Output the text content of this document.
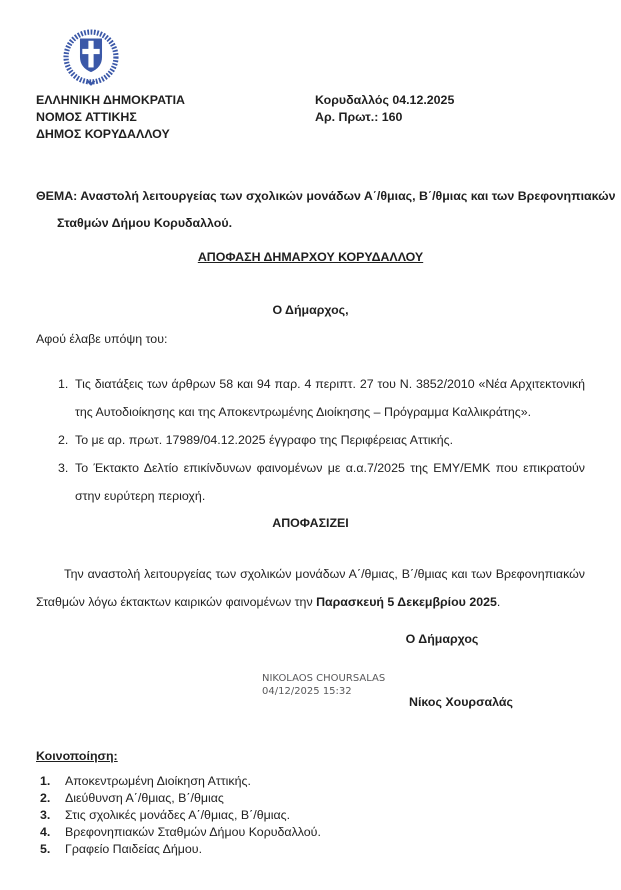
ΕΛΛΗΝΙΚΗ ΔΗΜΟΚΡΑΤΙΑ
ΝΟΜΟΣ ΑΤΤΙΚΗΣ
ΔΗΜΟΣ ΚΟΡΥΔΑΛΛΟΥ
Κορυδαλλός 04.12.2025
Αρ. Πρωτ.: 160
ΘΕΜΑ: Αναστολή λειτουργείας των σχολικών μονάδων Α΄/θμιας, Β΄/θμιας και των Βρεφονηπιακών
Σταθμών Δήμου Κορυδαλλού.
ΑΠΟΦΑΣΗ ΔΗΜΑΡΧΟΥ ΚΟΡΥΔΑΛΛΟΥ
Ο Δήμαρχος,
Αφού έλαβε υπόψη του:
1. Τις διατάξεις των άρθρων 58 και 94 παρ. 4 περιπτ. 27 του Ν. 3852/2010 «Νέα Αρχιτεκτονική
της Αυτοδιοίκησης και της Αποκεντρωμένης Διοίκησης – Πρόγραμμα Καλλικράτης».
2. Το με αρ. πρωτ. 17989/04.12.2025 έγγραφο της Περιφέρειας Αττικής.
3. Το Έκτακτο Δελτίο επικίνδυνων φαινομένων με α.α.7/2025 της ΕΜΥ/ΕΜΚ που επικρατούν
στην ευρύτερη περιοχή.
ΑΠΟΦΑΣΙΖΕΙ
Την αναστολή λειτουργείας των σχολικών μονάδων Α΄/θμιας, Β΄/θμιας και των Βρεφονηπιακών
Σταθμών λόγω έκτακτων καιρικών φαινομένων την Παρασκευή 5 Δεκεμβρίου 2025.
Ο Δήμαρχος
NIKOLAOS CHOURSALAS
04/12/2025 15:32
Νίκος Χουρσαλάς
Κοινοποίηση:
1.	Αποκεντρωμένη Διοίκηση Αττικής.
2.	Διεύθυνση Α΄/θμιας, Β΄/θμιας
3.	Στις σχολικές μονάδες Α΄/θμιας, Β΄/θμιας.
4.	Βρεφονηπιακών Σταθμών Δήμου Κορυδαλλού.
5.	Γραφείο Παιδείας Δήμου.
